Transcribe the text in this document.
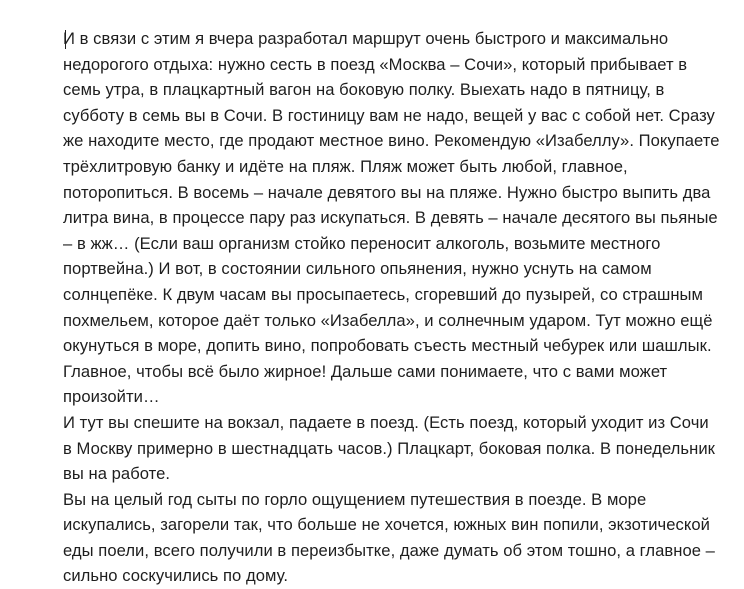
И в связи с этим я вчера разработал маршрут очень быстрого и максимально
недорогого отдыха: нужно сесть в поезд «Москва – Сочи», который прибывает в
семь утра, в плацкартный вагон на боковую полку. Выехать надо в пятницу, в
субботу в семь вы в Сочи. В гостиницу вам не надо, вещей у вас с собой нет. Сразу
же находите место, где продают местное вино. Рекомендую «Изабеллу». Покупаете
трёхлитровую банку и идёте на пляж. Пляж может быть любой, главное,
поторопиться. В восемь – начале девятого вы на пляже. Нужно быстро выпить два
литра вина, в процессе пару раз искупаться. В девять – начале десятого вы пьяные
– в жж… (Если ваш организм стойко переносит алкоголь, возьмите местного
портвейна.) И вот, в состоянии сильного опьянения, нужно уснуть на самом
солнцепёке. К двум часам вы просыпаетесь, сгоревший до пузырей, со страшным
похмельем, которое даёт только «Изабелла», и солнечным ударом. Тут можно ещё
окунуться в море, допить вино, попробовать съесть местный чебурек или шашлык.
Главное, чтобы всё было жирное! Дальше сами понимаете, что с вами может
произойти…
И тут вы спешите на вокзал, падаете в поезд. (Есть поезд, который уходит из Сочи
в Москву примерно в шестнадцать часов.) Плацкарт, боковая полка. В понедельник
вы на работе.
Вы на целый год сыты по горло ощущением путешествия в поезде. В море
искупались, загорели так, что больше не хочется, южных вин попили, экзотической
еды поели, всего получили в переизбытке, даже думать об этом тошно, а главное –
сильно соскучились по дому.
